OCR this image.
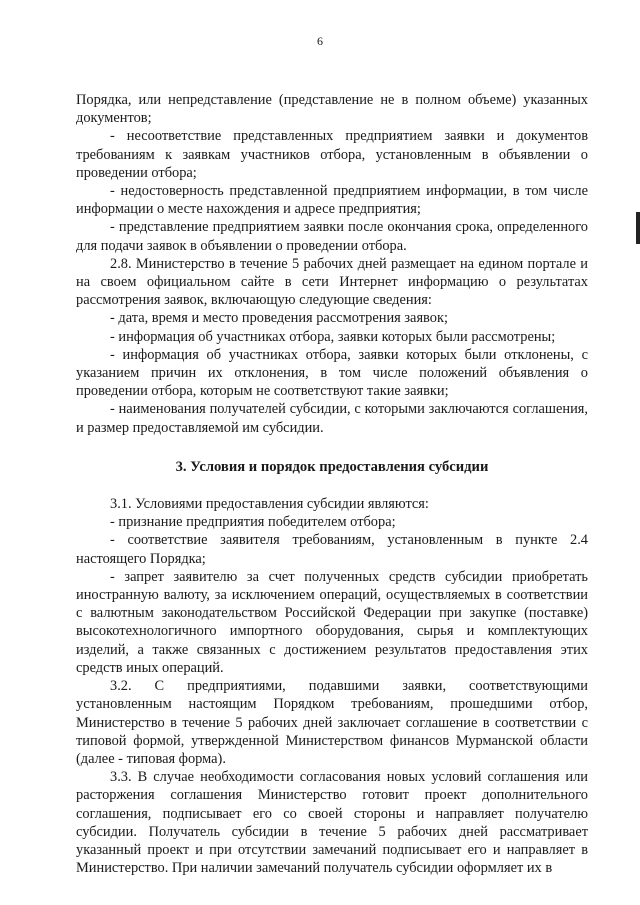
6

Порядка, или непредставление (представление не в полном объеме) указанных документов;

- несоответствие представленных предприятием заявки и документов требованиям к заявкам участников отбора, установленным в объявлении о проведении отбора;

- недостоверность представленной предприятием информации, в том числе информации о месте нахождения и адресе предприятия;

- представление предприятием заявки после окончания срока, определенного для подачи заявок в объявлении о проведении отбора.

2.8. Министерство в течение 5 рабочих дней размещает на едином портале и на своем официальном сайте в сети Интернет информацию о результатах рассмотрения заявок, включающую следующие сведения:

- дата, время и место проведения рассмотрения заявок;

- информация об участниках отбора, заявки которых были рассмотрены;

- информация об участниках отбора, заявки которых были отклонены, с указанием причин их отклонения, в том числе положений объявления о проведении отбора, которым не соответствуют такие заявки;

- наименования получателей субсидии, с которыми заключаются соглашения, и размер предоставляемой им субсидии.

3. Условия и порядок предоставления субсидии

3.1. Условиями предоставления субсидии являются:

- признание предприятия победителем отбора;

- соответствие заявителя требованиям, установленным в пункте 2.4 настоящего Порядка;

- запрет заявителю за счет полученных средств субсидии приобретать иностранную валюту, за исключением операций, осуществляемых в соответствии с валютным законодательством Российской Федерации при закупке (поставке) высокотехнологичного импортного оборудования, сырья и комплектующих изделий, а также связанных с достижением результатов предоставления этих средств иных операций.

3.2. С предприятиями, подавшими заявки, соответствующими установленным настоящим Порядком требованиям, прошедшими отбор, Министерство в течение 5 рабочих дней заключает соглашение в соответствии с типовой формой, утвержденной Министерством финансов Мурманской области (далее - типовая форма).

3.3. В случае необходимости согласования новых условий соглашения или расторжения соглашения Министерство готовит проект дополнительного соглашения, подписывает его со своей стороны и направляет получателю субсидии. Получатель субсидии в течение 5 рабочих дней рассматривает указанный проект и при отсутствии замечаний подписывает его и направляет в Министерство. При наличии замечаний получатель субсидии оформляет их в
